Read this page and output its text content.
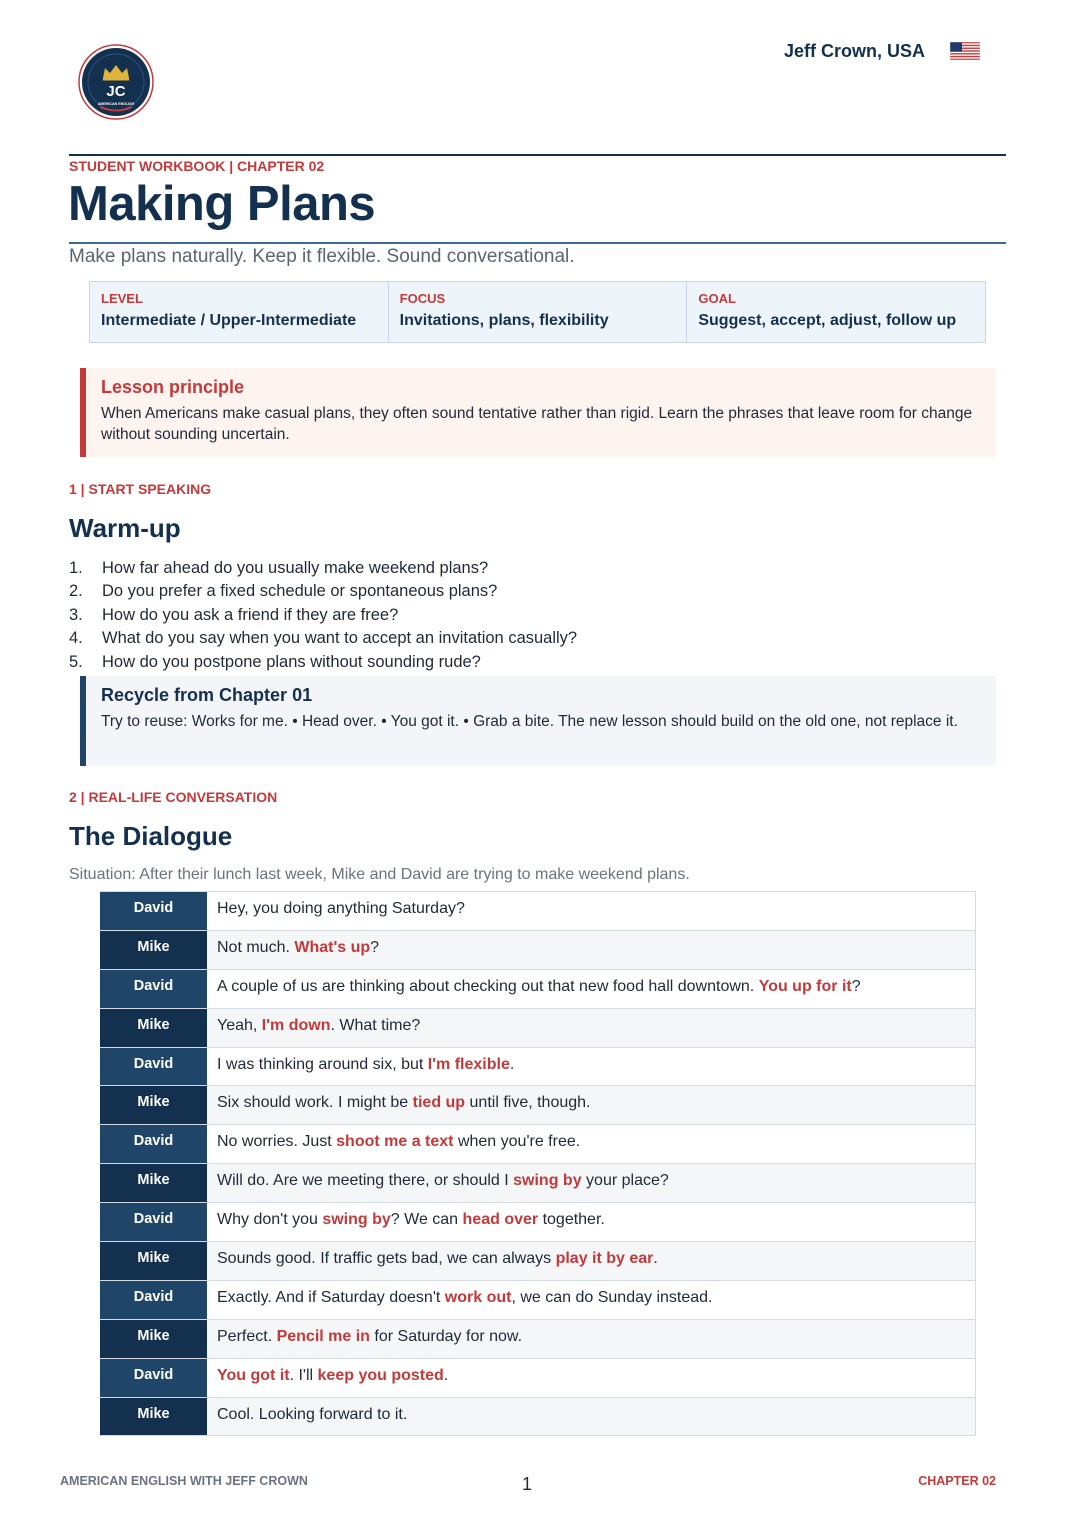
JC
AMERICAN ENGLISH
Jeff Crown, USA
STUDENT WORKBOOK | CHAPTER 02
Making Plans
Make plans naturally. Keep it flexible. Sound conversational.
LEVEL
Intermediate / Upper-Intermediate
FOCUS
Invitations, plans, flexibility
GOAL
Suggest, accept, adjust, follow up
Lesson principle
When Americans make casual plans, they often sound tentative rather than rigid. Learn the phrases that leave room for change without sounding uncertain.
1 | START SPEAKING
Warm-up
1.	How far ahead do you usually make weekend plans?
2.	Do you prefer a fixed schedule or spontaneous plans?
3.	How do you ask a friend if they are free?
4.	What do you say when you want to accept an invitation casually?
5.	How do you postpone plans without sounding rude?
Recycle from Chapter 01
Try to reuse: Works for me. • Head over. • You got it. • Grab a bite. The new lesson should build on the old one, not replace it.
2 | REAL-LIFE CONVERSATION
The Dialogue
Situation: After their lunch last week, Mike and David are trying to make weekend plans.
David	Hey, you doing anything Saturday?
Mike	Not much. What's up?
David	A couple of us are thinking about checking out that new food hall downtown. You up for it?
Mike	Yeah, I'm down. What time?
David	I was thinking around six, but I'm flexible.
Mike	Six should work. I might be tied up until five, though.
David	No worries. Just shoot me a text when you're free.
Mike	Will do. Are we meeting there, or should I swing by your place?
David	Why don't you swing by? We can head over together.
Mike	Sounds good. If traffic gets bad, we can always play it by ear.
David	Exactly. And if Saturday doesn't work out, we can do Sunday instead.
Mike	Perfect. Pencil me in for Saturday for now.
David	You got it. I'll keep you posted.
Mike	Cool. Looking forward to it.
AMERICAN ENGLISH WITH JEFF CROWN	1	CHAPTER 02
